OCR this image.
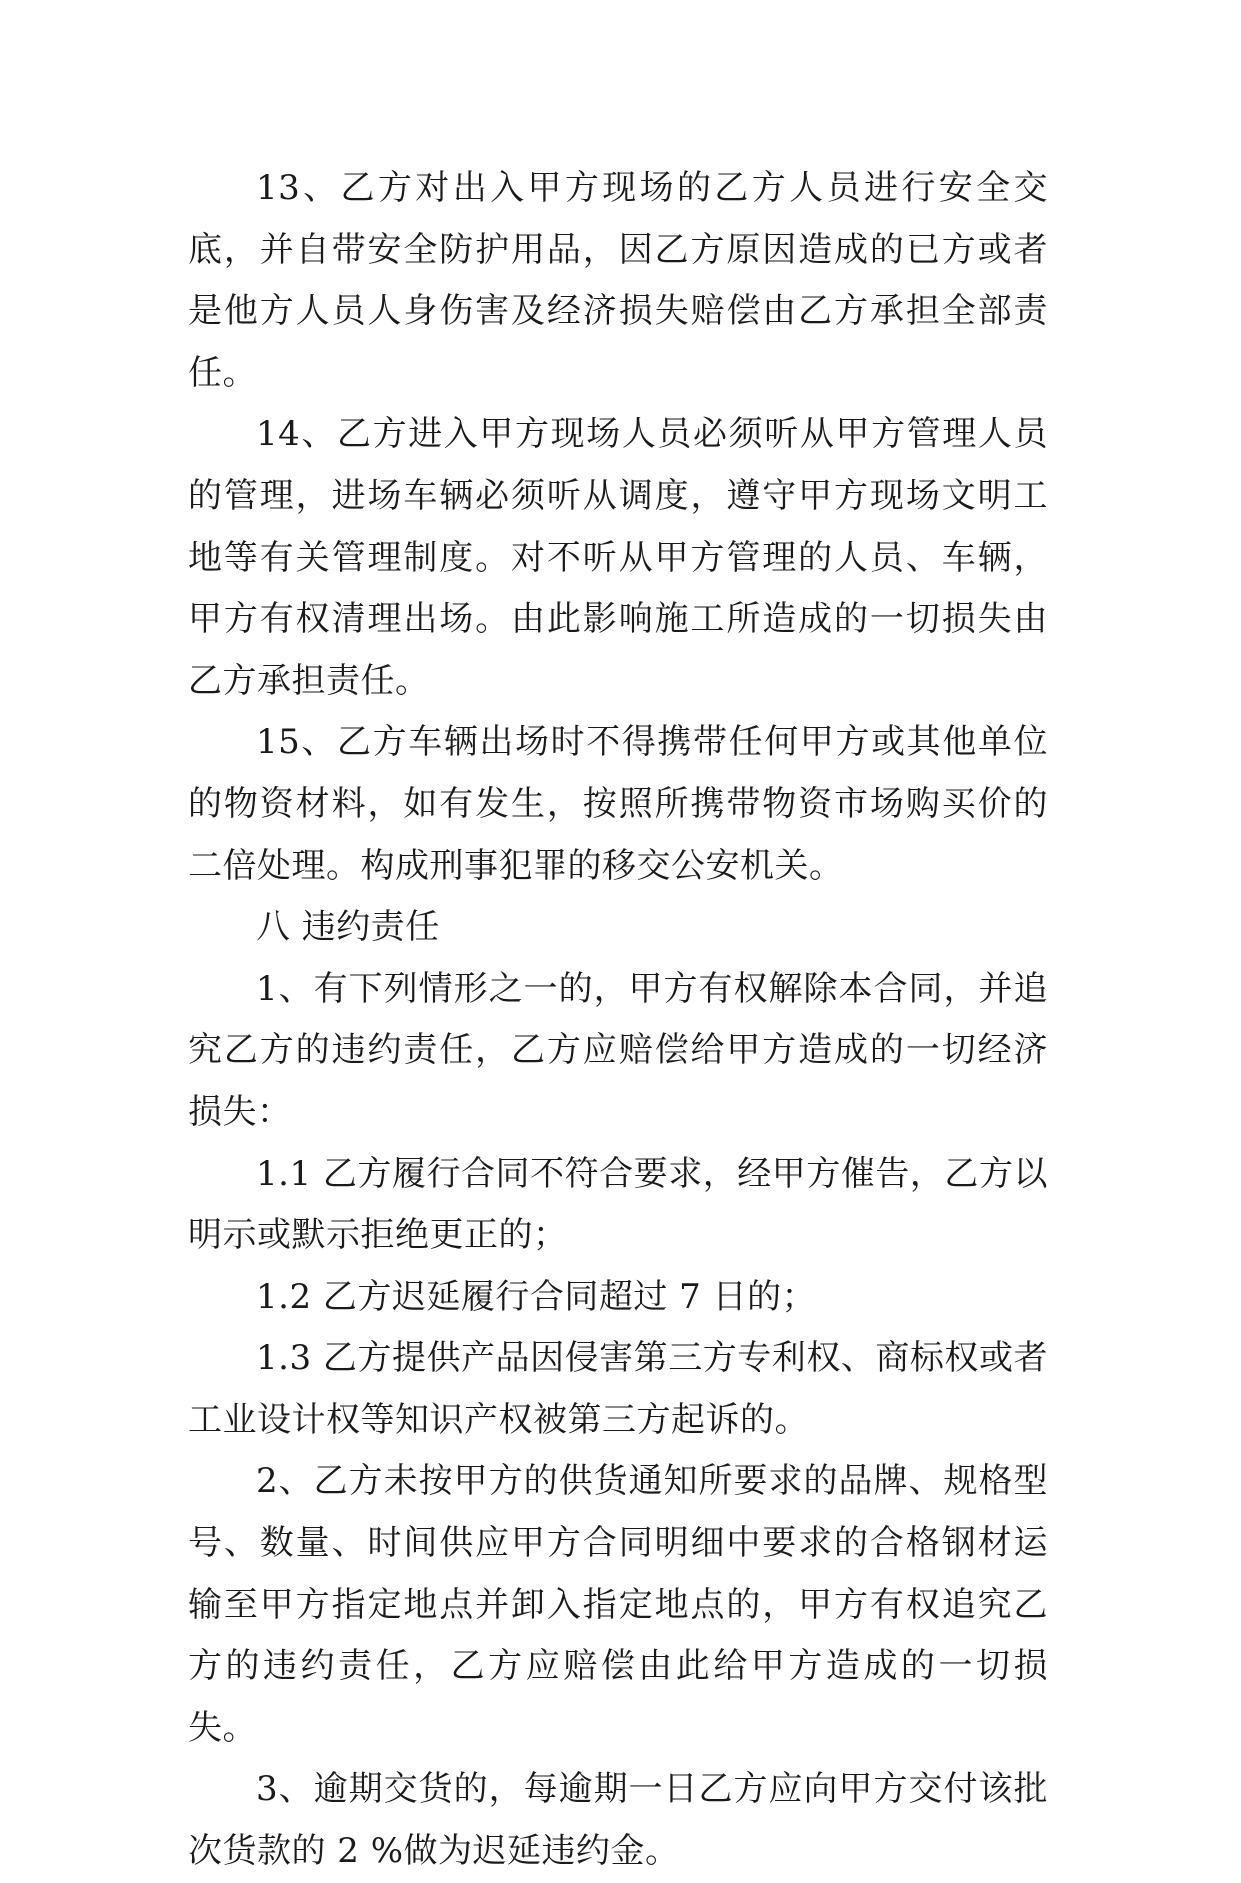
13、乙方对出入甲方现场的乙方人员进行安全交底，并自带安全防护用品，因乙方原因造成的已方或者是他方人员人身伤害及经济损失赔偿由乙方承担全部责任。

14、乙方进入甲方现场人员必须听从甲方管理人员的管理，进场车辆必须听从调度，遵守甲方现场文明工地等有关管理制度。对不听从甲方管理的人员、车辆，甲方有权清理出场。由此影响施工所造成的一切损失由乙方承担责任。

15、乙方车辆出场时不得携带任何甲方或其他单位的物资材料，如有发生，按照所携带物资市场购买价的二倍处理。构成刑事犯罪的移交公安机关。

八 违约责任

1、有下列情形之一的，甲方有权解除本合同，并追究乙方的违约责任，乙方应赔偿给甲方造成的一切经济损失：

1.1 乙方履行合同不符合要求，经甲方催告，乙方以明示或默示拒绝更正的；

1.2 乙方迟延履行合同超过 7 日的；

1.3 乙方提供产品因侵害第三方专利权、商标权或者工业设计权等知识产权被第三方起诉的。

2、乙方未按甲方的供货通知所要求的品牌、规格型号、数量、时间供应甲方合同明细中要求的合格钢材运输至甲方指定地点并卸入指定地点的，甲方有权追究乙方的违约责任，乙方应赔偿由此给甲方造成的一切损失。

3、逾期交货的，每逾期一日乙方应向甲方交付该批次货款的 2 %做为迟延违约金。
